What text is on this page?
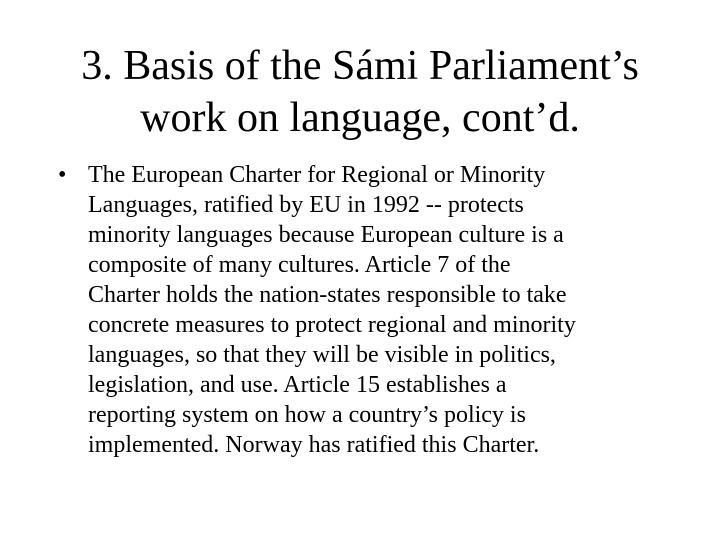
3. Basis of the Sámi Parliament’s
work on language, cont’d.
• The European Charter for Regional or Minority
Languages, ratified by EU in 1992 -- protects
minority languages because European culture is a
composite of many cultures. Article 7 of the
Charter holds the nation-states responsible to take
concrete measures to protect regional and minority
languages, so that they will be visible in politics,
legislation, and use. Article 15 establishes a
reporting system on how a country’s policy is
implemented. Norway has ratified this Charter.
